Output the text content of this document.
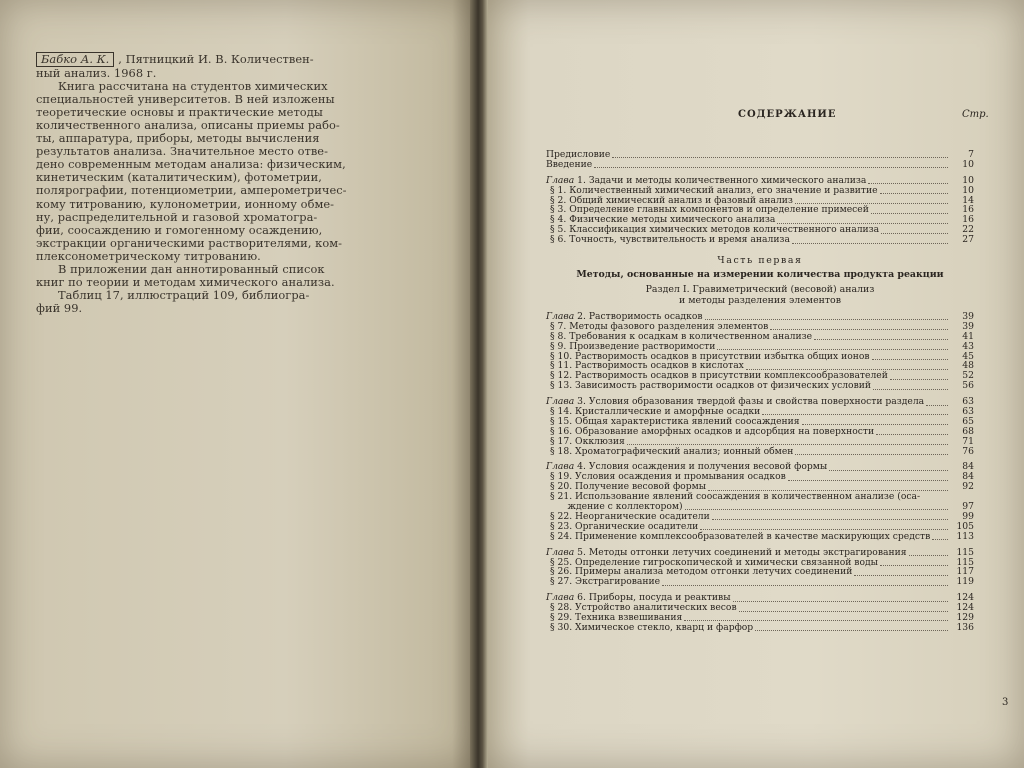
Бабко А. К. , Пятницкий И. В. Количествен-
ный анализ. 1968 г.
Книга рассчитана на студентов химических
специальностей университетов. В ней изложены
теоретические основы и практические методы
количественного анализа, описаны приемы рабо-
ты, аппаратура, приборы, методы вычисления
результатов анализа. Значительное место отве-
дено современным методам анализа: физическим,
кинетическим (каталитическим), фотометрии,
полярографии, потенциометрии, амперометричес-
кому титрованию, кулонометрии, ионному обме-
ну, распределительной и газовой хроматогра-
фии, соосаждению и гомогенному осаждению,
экстракции органическими растворителями, ком-
плексонометрическому титрованию.
В приложении дан аннотированный список
книг по теории и методам химического анализа.
Таблиц 17, иллюстраций 109, библиогра-
фий 99.
СОДЕРЖАНИЕ	Стр.
Предисловие	7
Введение	10
Глава 1. Задачи и методы количественного химического анализа	10
§ 1. Количественный химический анализ, его значение и развитие	10
§ 2. Общий химический анализ и фазовый анализ	14
§ 3. Определение главных компонентов и определение примесей	16
§ 4. Физические методы химического анализа	16
§ 5. Классификация химических методов количественного анализа	22
§ 6. Точность, чувствительность и время анализа	27
Часть первая
Методы, основанные на измерении количества продукта реакции
Раздел I. Гравиметрический (весовой) анализ
и методы разделения элементов
Глава 2. Растворимость осадков	39
§ 7. Методы фазового разделения элементов	39
§ 8. Требования к осадкам в количественном анализе	41
§ 9. Произведение растворимости	43
§ 10. Растворимость осадков в присутствии избытка общих ионов	45
§ 11. Растворимость осадков в кислотах	48
§ 12. Растворимость осадков в присутствии комплексообразователей	52
§ 13. Зависимость растворимости осадков от физических условий	56
Глава 3. Условия образования твердой фазы и свойства поверхности раздела	63
§ 14. Кристаллические и аморфные осадки	63
§ 15. Общая характеристика явлений соосаждения	65
§ 16. Образование аморфных осадков и адсорбция на поверхности	68
§ 17. Окклюзия	71
§ 18. Хроматографический анализ; ионный обмен	76
Глава 4. Условия осаждения и получения весовой формы	84
§ 19. Условия осаждения и промывания осадков	84
§ 20. Получение весовой формы	92
§ 21. Использование явлений соосаждения в количественном анализе (оса-
ждение с коллектором)	97
§ 22. Неорганические осадители	99
§ 23. Органические осадители	105
§ 24. Применение комплексообразователей в качестве маскирующих средств	113
Глава 5. Методы отгонки летучих соединений и методы экстрагирования	115
§ 25. Определение гигроскопической и химически связанной воды	115
§ 26. Примеры анализа методом отгонки летучих соединений	117
§ 27. Экстрагирование	119
Глава 6. Приборы, посуда и реактивы	124
§ 28. Устройство аналитических весов	124
§ 29. Техника взвешивания	129
§ 30. Химическое стекло, кварц и фарфор	136
3
